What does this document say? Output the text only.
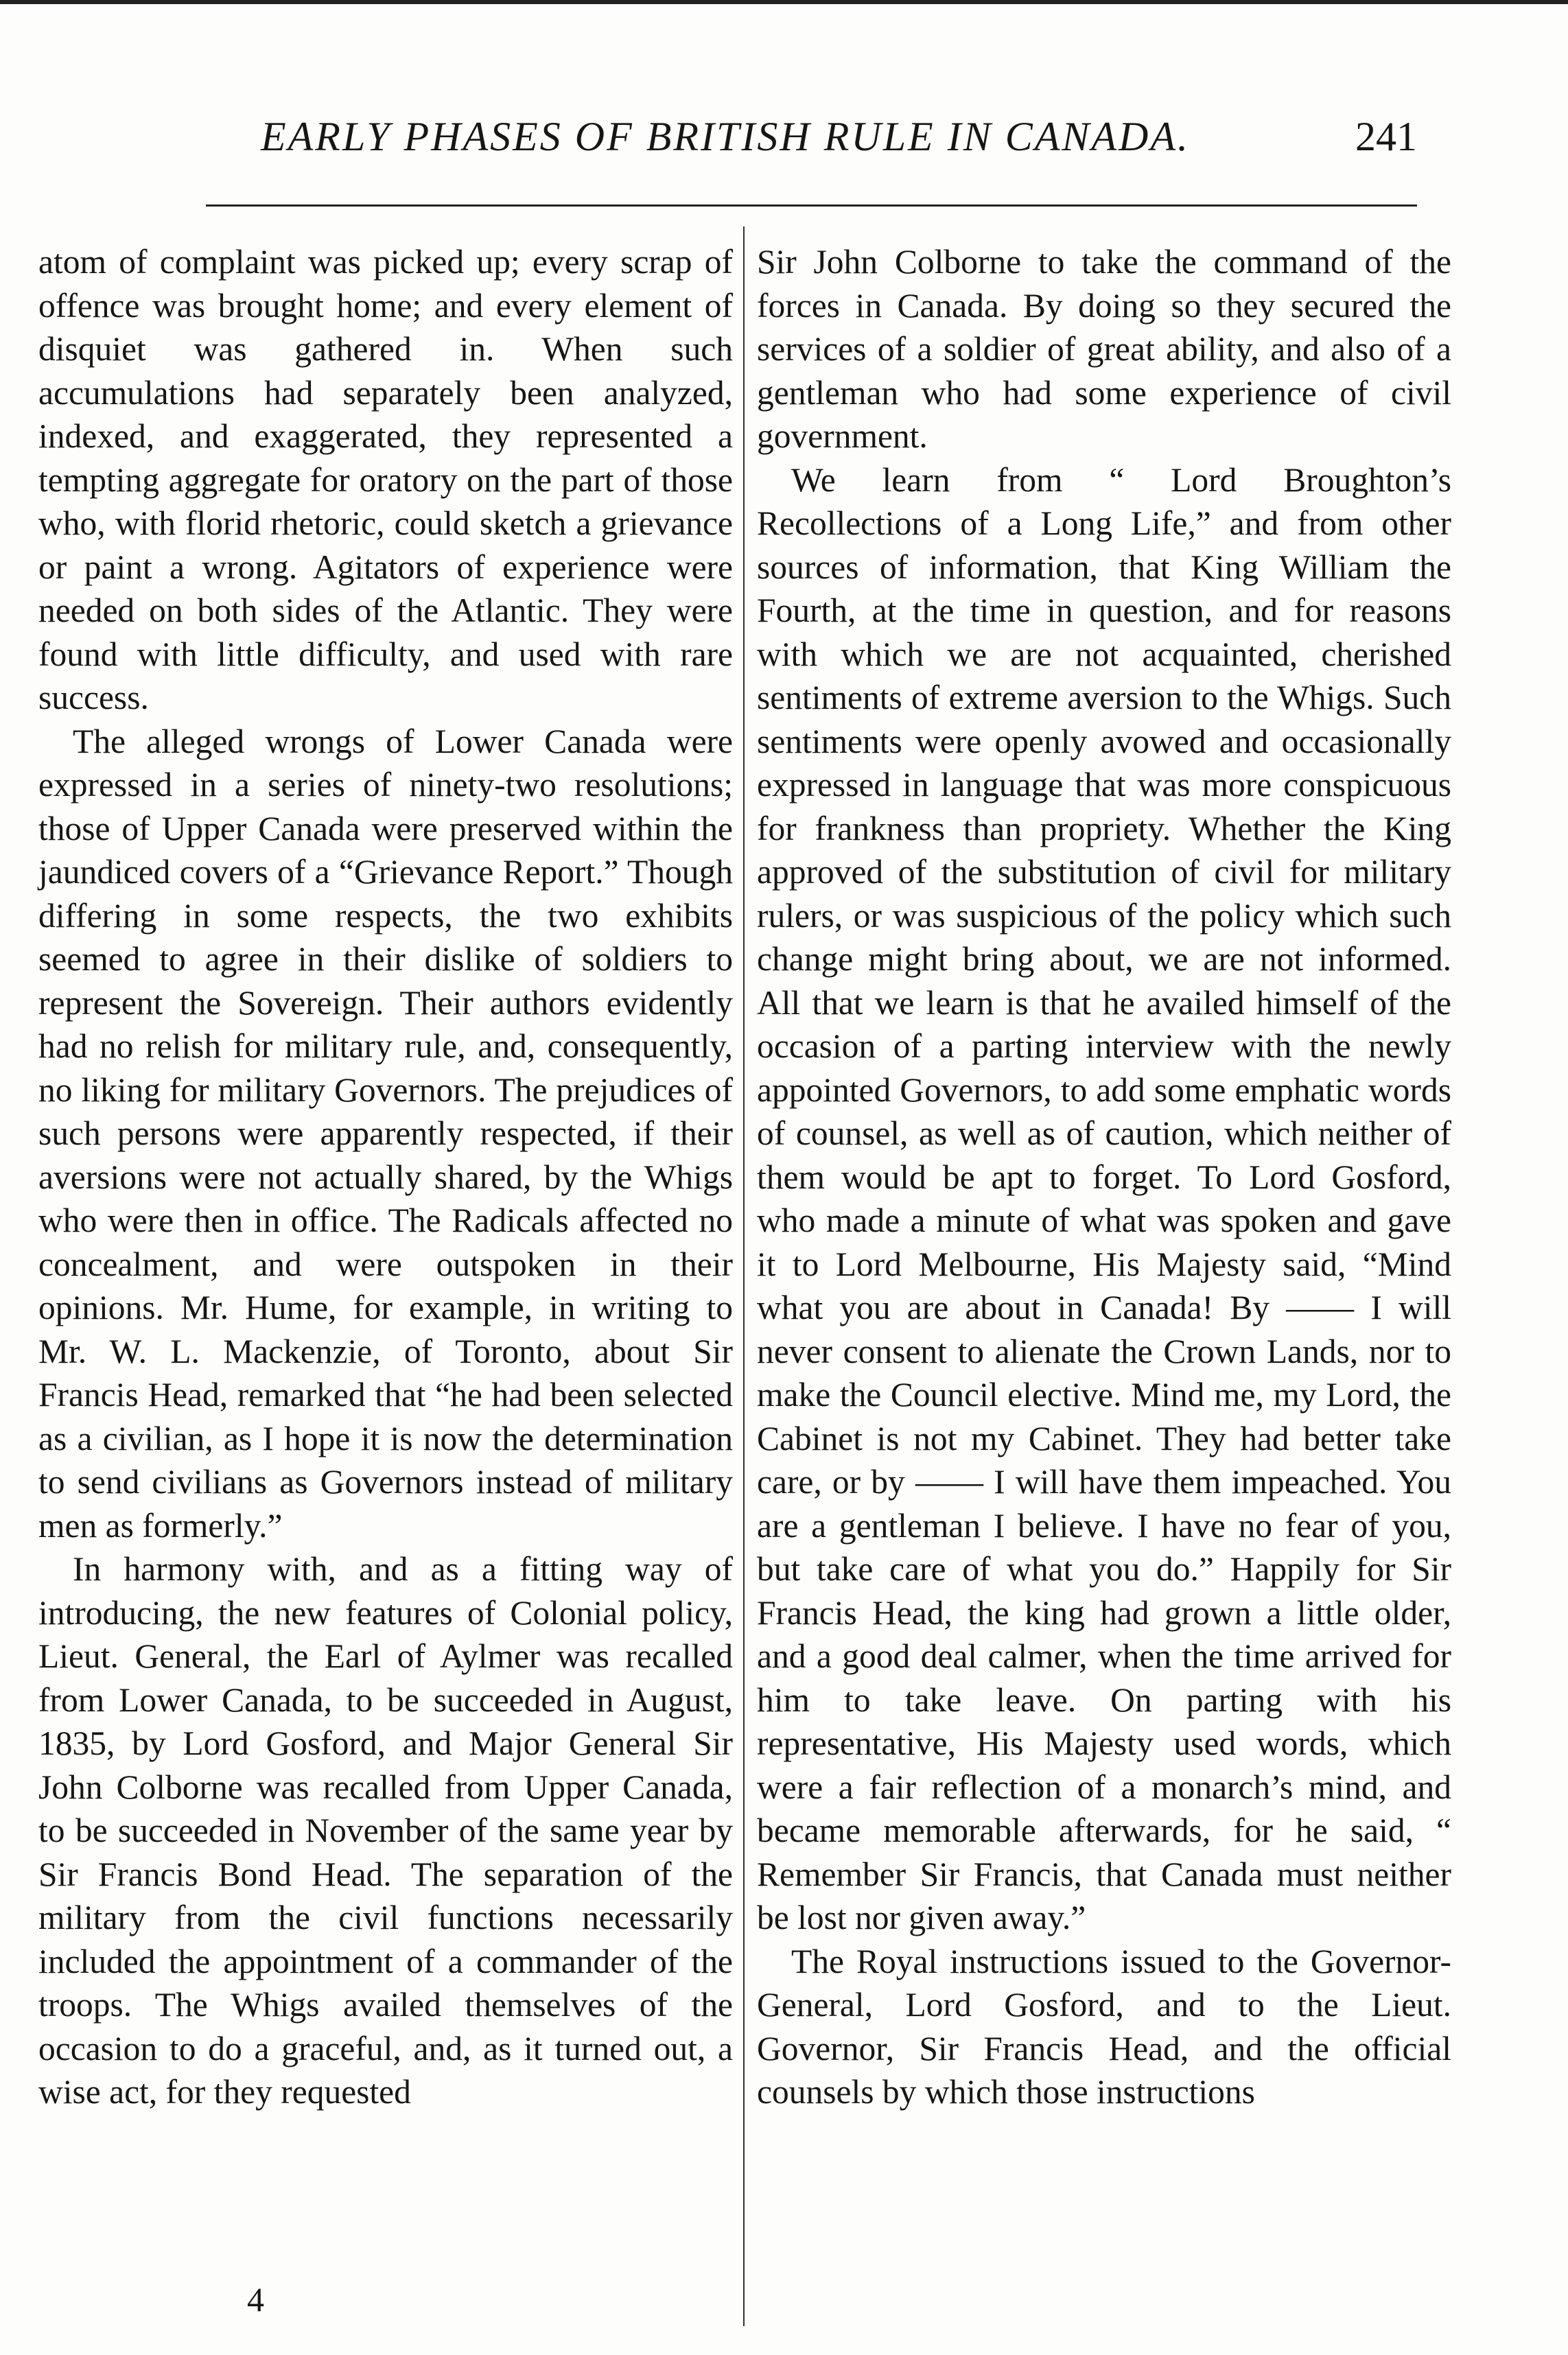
EARLY PHASES OF BRITISH RULE IN CANADA.	241

atom of complaint was picked up; every scrap of offence was brought home; and every element of disquiet was gathered in. When such accumulations had separately been analyzed, indexed, and exaggerated, they represented a tempting aggregate for oratory on the part of those who, with florid rhetoric, could sketch a grievance or paint a wrong. Agitators of experience were needed on both sides of the Atlantic. They were found with little difficulty, and used with rare success.

The alleged wrongs of Lower Canada were expressed in a series of ninety-two resolutions; those of Upper Canada were preserved within the jaundiced covers of a “Grievance Report.” Though differing in some respects, the two exhibits seemed to agree in their dislike of soldiers to represent the Sovereign. Their authors evidently had no relish for military rule, and, consequently, no liking for military Governors. The prejudices of such persons were apparently respected, if their aversions were not actually shared, by the Whigs who were then in office. The Radicals affected no concealment, and were outspoken in their opinions. Mr. Hume, for example, in writing to Mr. W. L. Mackenzie, of Toronto, about Sir Francis Head, remarked that “he had been selected as a civilian, as I hope it is now the determination to send civilians as Governors instead of military men as formerly.”

In harmony with, and as a fitting way of introducing, the new features of Colonial policy, Lieut. General, the Earl of Aylmer was recalled from Lower Canada, to be succeeded in August, 1835, by Lord Gosford, and Major General Sir John Colborne was recalled from Upper Canada, to be succeeded in November of the same year by Sir Francis Bond Head. The separation of the military from the civil functions necessarily included the appointment of a commander of the troops. The Whigs availed themselves of the occasion to do a graceful, and, as it turned out, a wise act, for they requested

Sir John Colborne to take the command of the forces in Canada. By doing so they secured the services of a soldier of great ability, and also of a gentleman who had some experience of civil government.

We learn from “ Lord Broughton’s Recollections of a Long Life,” and from other sources of information, that King William the Fourth, at the time in question, and for reasons with which we are not acquainted, cherished sentiments of extreme aversion to the Whigs. Such sentiments were openly avowed and occasionally expressed in language that was more conspicuous for frankness than propriety. Whether the King approved of the substitution of civil for military rulers, or was suspicious of the policy which such change might bring about, we are not informed. All that we learn is that he availed himself of the occasion of a parting interview with the newly appointed Governors, to add some emphatic words of counsel, as well as of caution, which neither of them would be apt to forget. To Lord Gosford, who made a minute of what was spoken and gave it to Lord Melbourne, His Majesty said, “Mind what you are about in Canada! By —— I will never consent to alienate the Crown Lands, nor to make the Council elective. Mind me, my Lord, the Cabinet is not my Cabinet. They had better take care, or by —— I will have them impeached. You are a gentleman I believe. I have no fear of you, but take care of what you do.” Happily for Sir Francis Head, the king had grown a little older, and a good deal calmer, when the time arrived for him to take leave. On parting with his representative, His Majesty used words, which were a fair reflection of a monarch’s mind, and became memorable afterwards, for he said, “ Remember Sir Francis, that Canada must neither be lost nor given away.”

The Royal instructions issued to the Governor-General, Lord Gosford, and to the Lieut. Governor, Sir Francis Head, and the official counsels by which those instructions

4
